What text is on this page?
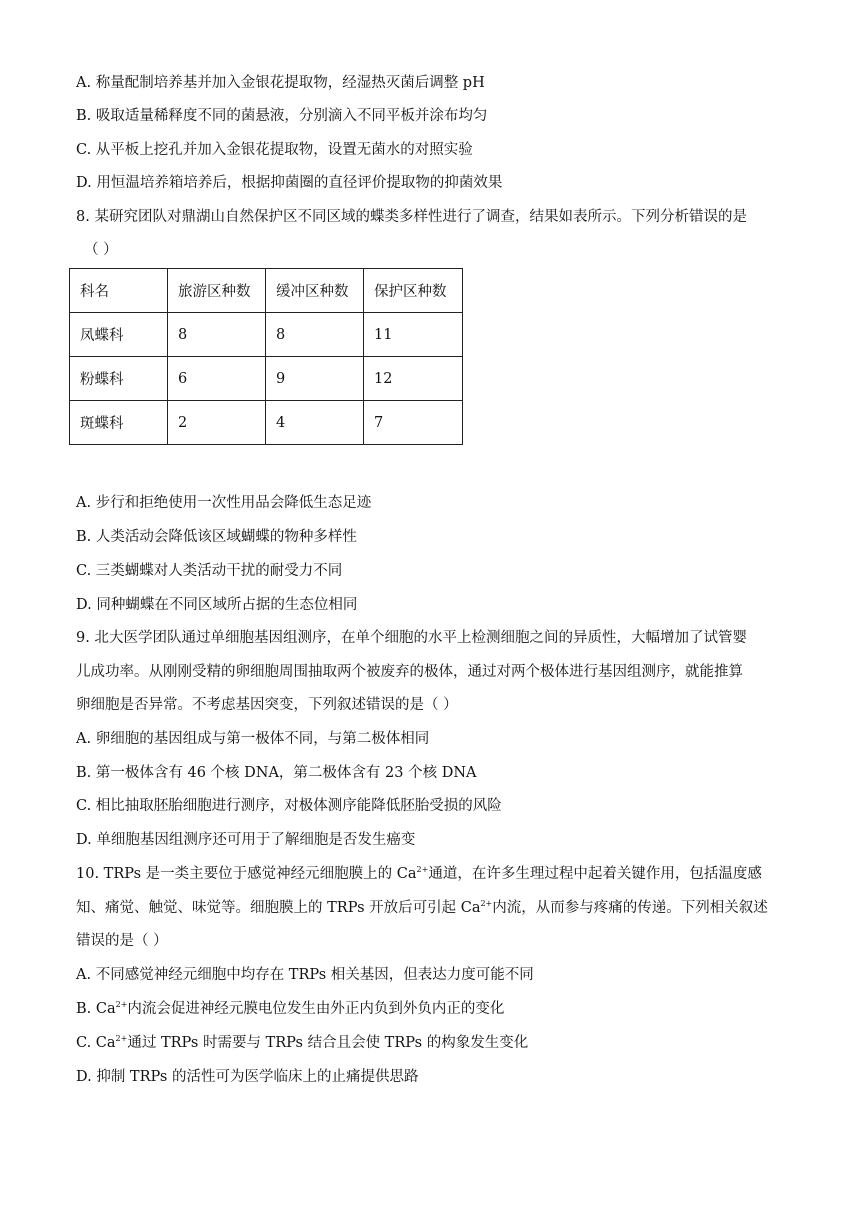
A. 称量配制培养基并加入金银花提取物，经湿热灭菌后调整 pH
B. 吸取适量稀释度不同的菌悬液，分别滴入不同平板并涂布均匀
C. 从平板上挖孔并加入金银花提取物，设置无菌水的对照实验
D. 用恒温培养箱培养后，根据抑菌圈的直径评价提取物的抑菌效果
8. 某研究团队对鼎湖山自然保护区不同区域的蝶类多样性进行了调查，结果如表所示。下列分析错误的是
（ ）
科名	旅游区种数	缓冲区种数	保护区种数
凤蝶科	8	8	11
粉蝶科	6	9	12
斑蝶科	2	4	7
A. 步行和拒绝使用一次性用品会降低生态足迹
B. 人类活动会降低该区域蝴蝶的物种多样性
C. 三类蝴蝶对人类活动干扰的耐受力不同
D. 同种蝴蝶在不同区域所占据的生态位相同
9. 北大医学团队通过单细胞基因组测序，在单个细胞的水平上检测细胞之间的异质性，大幅增加了试管婴
儿成功率。从刚刚受精的卵细胞周围抽取两个被废弃的极体，通过对两个极体进行基因组测序，就能推算
卵细胞是否异常。不考虑基因突变，下列叙述错误的是（ ）
A. 卵细胞的基因组成与第一极体不同，与第二极体相同
B. 第一极体含有 46 个核 DNA，第二极体含有 23 个核 DNA
C. 相比抽取胚胎细胞进行测序，对极体测序能降低胚胎受损的风险
D. 单细胞基因组测序还可用于了解细胞是否发生癌变
10. TRPs 是一类主要位于感觉神经元细胞膜上的 $Ca^{2+}$通道，在许多生理过程中起着关键作用，包括温度感
知、痛觉、触觉、味觉等。细胞膜上的 TRPs 开放后可引起 $Ca^{2+}$内流，从而参与疼痛的传递。下列相关叙述
错误的是（ ）
A. 不同感觉神经元细胞中均存在 TRPs 相关基因，但表达力度可能不同
B. $Ca^{2+}$内流会促进神经元膜电位发生由外正内负到外负内正的变化
C. $Ca^{2+}$通过 TRPs 时需要与 TRPs 结合且会使 TRPs 的构象发生变化
D. 抑制 TRPs 的活性可为医学临床上的止痛提供思路
